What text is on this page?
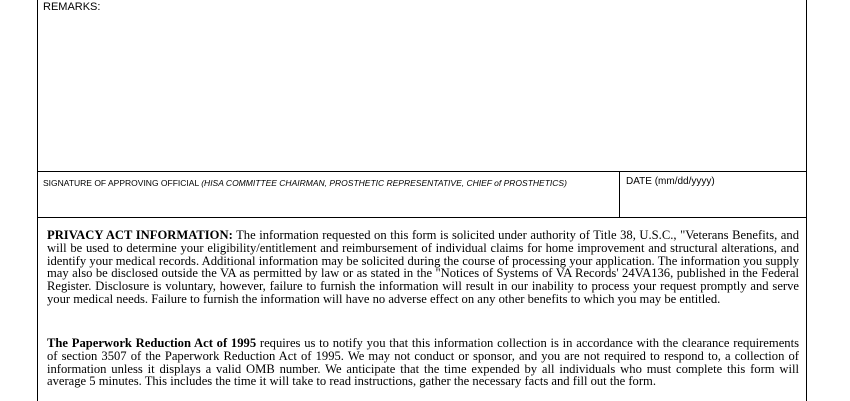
REMARKS:
SIGNATURE OF APPROVING OFFICIAL (HISA COMMITTEE CHAIRMAN, PROSTHETIC REPRESENTATIVE, CHIEF of PROSTHETICS)	DATE (mm/dd/yyyy)

PRIVACY ACT INFORMATION: The information requested on this form is solicited under authority of Title 38, U.S.C., "Veterans Benefits, and will be used to determine your eligibility/entitlement and reimbursement of individual claims for home improvement and structural alterations, and identify your medical records. Additional information may be solicited during the course of processing your application. The information you supply may also be disclosed outside the VA as permitted by law or as stated in the "Notices of Systems of VA Records' 24VA136, published in the Federal Register. Disclosure is voluntary, however, failure to furnish the information will result in our inability to process your request promptly and serve your medical needs. Failure to furnish the information will have no adverse effect on any other benefits to which you may be entitled.

The Paperwork Reduction Act of 1995 requires us to notify you that this information collection is in accordance with the clearance requirements of section 3507 of the Paperwork Reduction Act of 1995. We may not conduct or sponsor, and you are not required to respond to, a collection of information unless it displays a valid OMB number. We anticipate that the time expended by all individuals who must complete this form will average 5 minutes. This includes the time it will take to read instructions, gather the necessary facts and fill out the form.
